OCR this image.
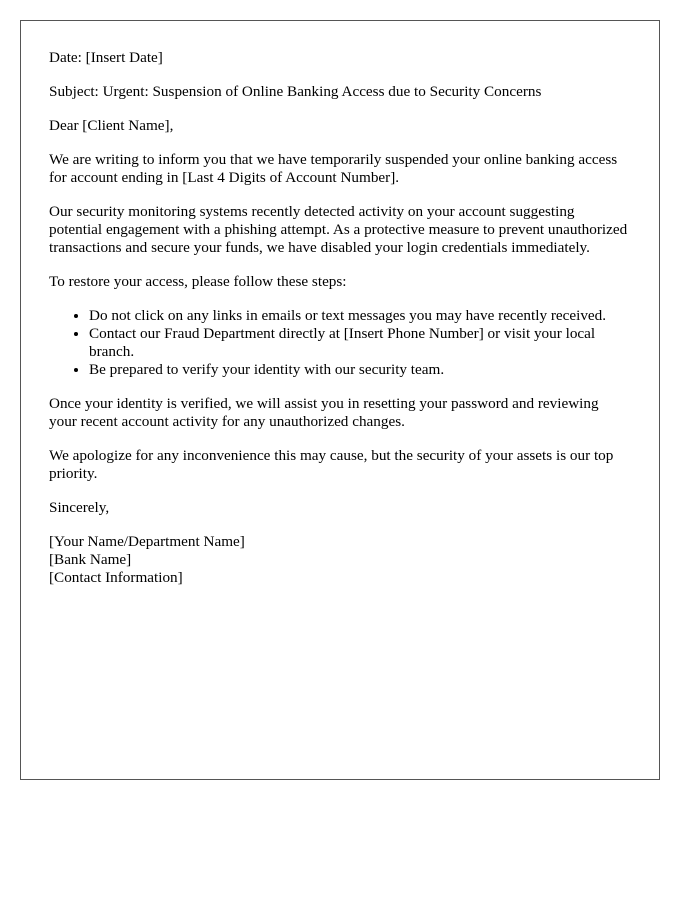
Date: [Insert Date]

Subject: Urgent: Suspension of Online Banking Access due to Security Concerns

Dear [Client Name],

We are writing to inform you that we have temporarily suspended your online banking access for account ending in [Last 4 Digits of Account Number].

Our security monitoring systems recently detected activity on your account suggesting potential engagement with a phishing attempt. As a protective measure to prevent unauthorized transactions and secure your funds, we have disabled your login credentials immediately.

To restore your access, please follow these steps:

• Do not click on any links in emails or text messages you may have recently received.
• Contact our Fraud Department directly at [Insert Phone Number] or visit your local branch.
• Be prepared to verify your identity with our security team.

Once your identity is verified, we will assist you in resetting your password and reviewing your recent account activity for any unauthorized changes.

We apologize for any inconvenience this may cause, but the security of your assets is our top priority.

Sincerely,

[Your Name/Department Name]
[Bank Name]
[Contact Information]
